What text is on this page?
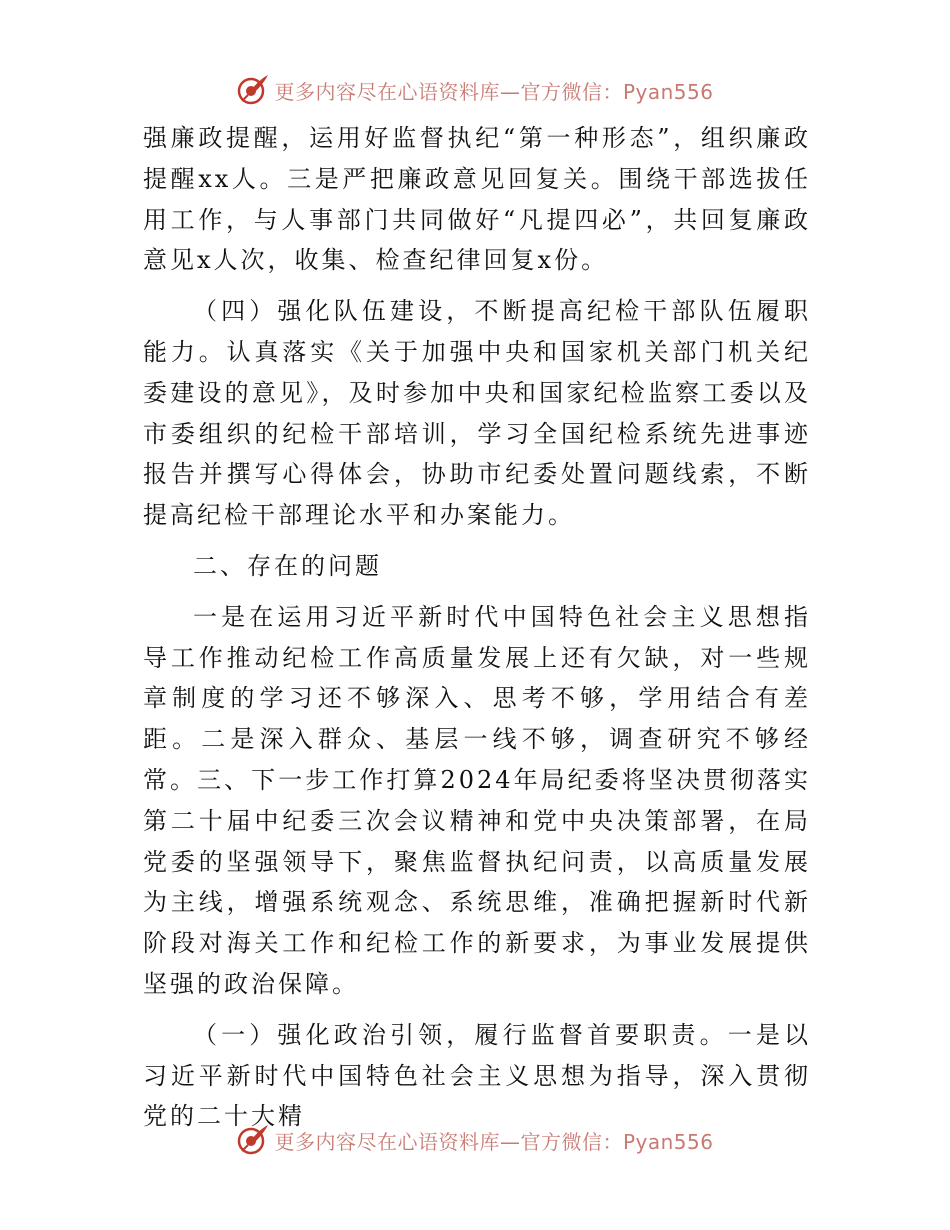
更多内容尽在心语资料库—官方微信：Pyan556

强廉政提醒，运用好监督执纪“第一种形态”，组织廉政提醒xx人。三是严把廉政意见回复关。围绕干部选拔任用工作，与人事部门共同做好“凡提四必”，共回复廉政意见x人次，收集、检查纪律回复x份。

（四）强化队伍建设，不断提高纪检干部队伍履职能力。认真落实《关于加强中央和国家机关部门机关纪委建设的意见》，及时参加中央和国家纪检监察工委以及市委组织的纪检干部培训，学习全国纪检系统先进事迹报告并撰写心得体会，协助市纪委处置问题线索，不断提高纪检干部理论水平和办案能力。

二、存在的问题

一是在运用习近平新时代中国特色社会主义思想指导工作推动纪检工作高质量发展上还有欠缺，对一些规章制度的学习还不够深入、思考不够，学用结合有差距。二是深入群众、基层一线不够，调查研究不够经常。三、下一步工作打算2024年局纪委将坚决贯彻落实第二十届中纪委三次会议精神和党中央决策部署，在局党委的坚强领导下，聚焦监督执纪问责，以高质量发展为主线，增强系统观念、系统思维，准确把握新时代新阶段对海关工作和纪检工作的新要求，为事业发展提供坚强的政治保障。

（一）强化政治引领，履行监督首要职责。一是以习近平新时代中国特色社会主义思想为指导，深入贯彻党的二十大精

更多内容尽在心语资料库—官方微信：Pyan556
